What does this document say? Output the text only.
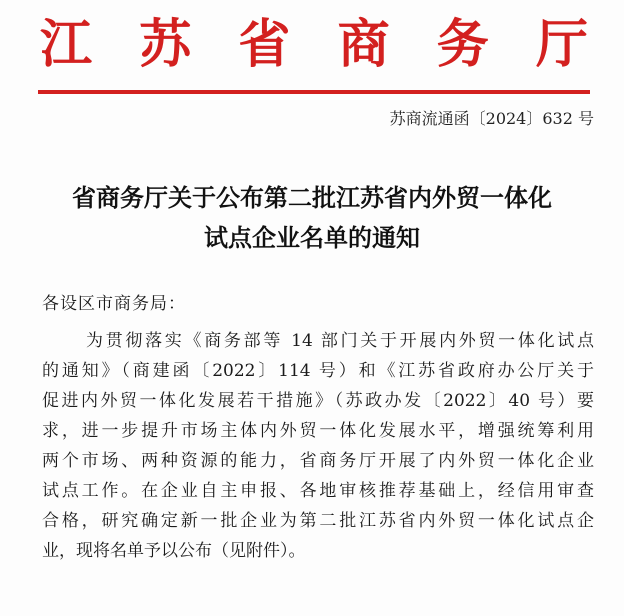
江 苏 省 商 务 厅
苏商流通函〔2024〕632 号
省商务厅关于公布第二批江苏省内外贸一体化
试点企业名单的通知
各设区市商务局：
为贯彻落实《商务部等 14 部门关于开展内外贸一体化试点
的通知》（商建函〔2022〕114 号）和《江苏省政府办公厅关于
促进内外贸一体化发展若干措施》（苏政办发〔2022〕40 号）要
求，进一步提升市场主体内外贸一体化发展水平，增强统筹利用
两个市场、两种资源的能力，省商务厅开展了内外贸一体化企业
试点工作。在企业自主申报、各地审核推荐基础上，经信用审查
合格，研究确定新一批企业为第二批江苏省内外贸一体化试点企
业，现将名单予以公布（见附件）。
